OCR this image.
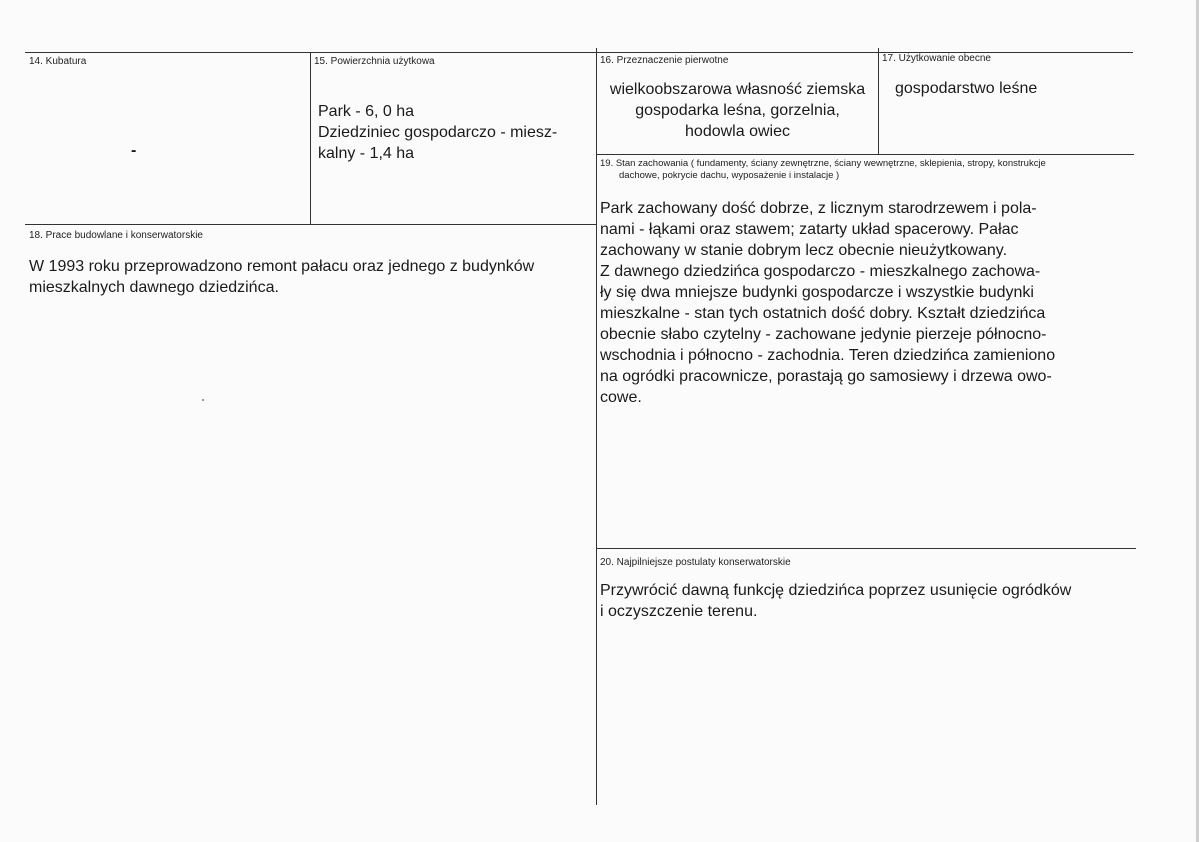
14. Kubatura
-
15. Powierzchnia użytkowa
Park - 6, 0 ha
Dziedziniec gospodarczo - miesz-
kalny - 1,4 ha
16. Przeznaczenie pierwotne
wielkoobszarowa własność ziemska
gospodarka leśna, gorzelnia,
hodowla owiec
17. Użytkowanie obecne
gospodarstwo leśne
18. Prace budowlane i konserwatorskie
W 1993 roku przeprowadzono remont pałacu oraz jednego z budynków
mieszkalnych dawnego dziedzińca.
19. Stan zachowania ( fundamenty, ściany zewnętrzne, ściany wewnętrzne, sklepienia, stropy, konstrukcje
dachowe, pokrycie dachu, wyposażenie i instalacje )
Park zachowany dość dobrze, z licznym starodrzewem i pola-
nami - łąkami oraz stawem; zatarty układ spacerowy. Pałac
zachowany w stanie dobrym lecz obecnie nieużytkowany.
Z dawnego dziedzińca gospodarczo - mieszkalnego zachowa-
ły się dwa mniejsze budynki gospodarcze i wszystkie budynki
mieszkalne - stan tych ostatnich dość dobry. Kształt dziedzińca
obecnie słabo czytelny - zachowane jedynie pierzeje północno-
wschodnia i północno - zachodnia. Teren dziedzińca zamieniono
na ogródki pracownicze, porastają go samosiewy i drzewa owo-
cowe.
20. Najpilniejsze postulaty konserwatorskie
Przywrócić dawną funkcję dziedzińca poprzez usunięcie ogródków
i oczyszczenie terenu.
